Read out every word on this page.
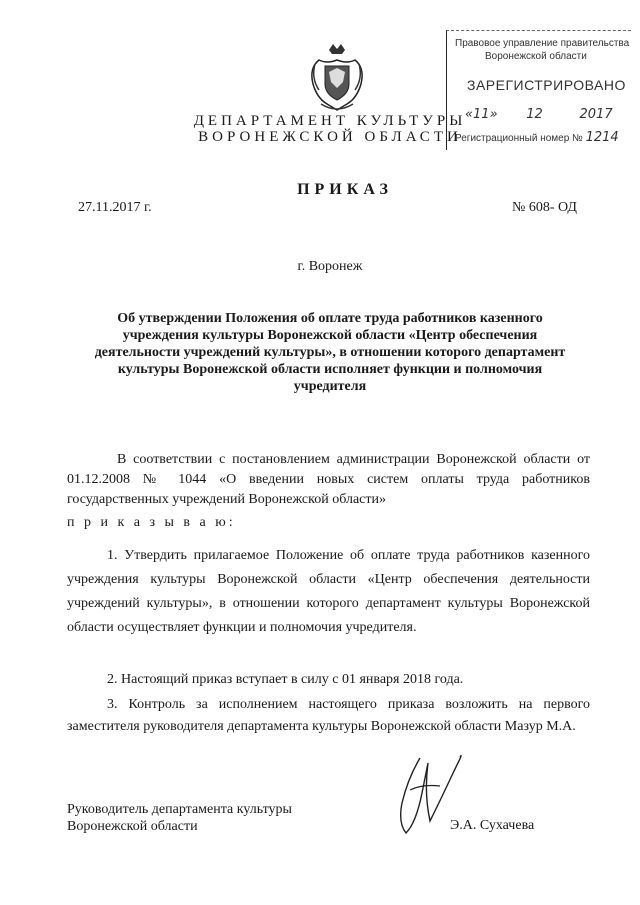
Правовое управление правительства
Воронежской области
ЗАРЕГИСТРИРОВАНО
«11» 12	2017
Регистрационный номер № 1214
ДЕПАРТАМЕНТ КУЛЬТУРЫ
ВОРОНЕЖСКОЙ ОБЛАСТИ
ПРИКАЗ
27.11.2017 г.	№ 608- ОД
г. Воронеж
Об утверждении Положения об оплате труда работников казенного учреждения культуры Воронежской области «Центр обеспечения деятельности учреждений культуры», в отношении которого департамент культуры Воронежской области исполняет функции и полномочия учредителя
В соответствии с постановлением администрации Воронежской области от 01.12.2008 № 1044 «О введении новых систем оплаты труда работников государственных учреждений Воронежской области»
п р и к а з ы в а ю:
1. Утвердить прилагаемое Положение об оплате труда работников казенного учреждения культуры Воронежской области «Центр обеспечения деятельности учреждений культуры», в отношении которого департамент культуры Воронежской области осуществляет функции и полномочия учредителя.
2. Настоящий приказ вступает в силу с 01 января 2018 года.
3. Контроль за исполнением настоящего приказа возложить на первого заместителя руководителя департамента культуры Воронежской области Мазур М.А.
Руководитель департамента культуры
Воронежской области	Э.А. Сухачева
